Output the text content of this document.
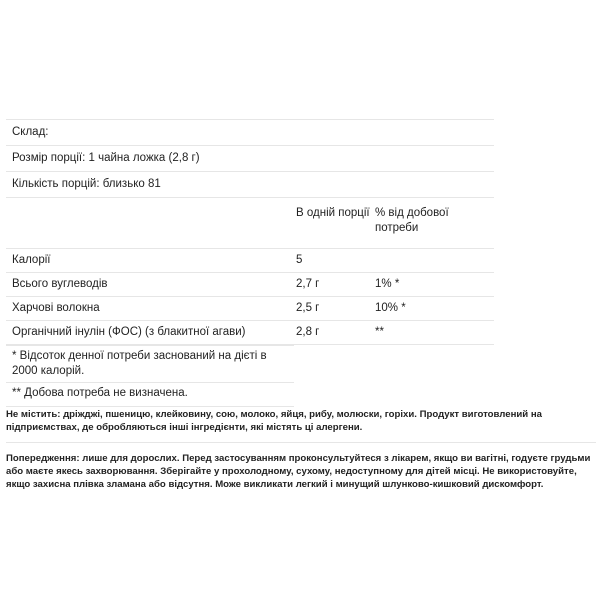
Склад:
Розмір порції: 1 чайна ложка (2,8 г)
Кількість порцій: близько 81
В одній порції % від добової потреби
Калорії	5
Всього вуглеводів	2,7 г	1% *
Харчові волокна	2,5 г	10% *
Органічний інулін (ФОС) (з блакитної агави)	2,8 г	**
* Відсоток денної потреби заснований на дієті в 2000 калорій.
** Добова потреба не визначена.

Не містить: дріжджі, пшеницю, клейковину, сою, молоко, яйця, рибу, молюски, горіхи. Продукт виготовлений на підприємствах, де обробляються інші інгредієнти, які містять ці алергени.

Попередження: лише для дорослих. Перед застосуванням проконсультуйтеся з лікарем, якщо ви вагітні, годуєте грудьми або маєте якесь захворювання. Зберігайте у прохолодному, сухому, недоступному для дітей місці. Не використовуйте, якщо захисна плівка зламана або відсутня. Може викликати легкий і минущий шлунково-кишковий дискомфорт.
